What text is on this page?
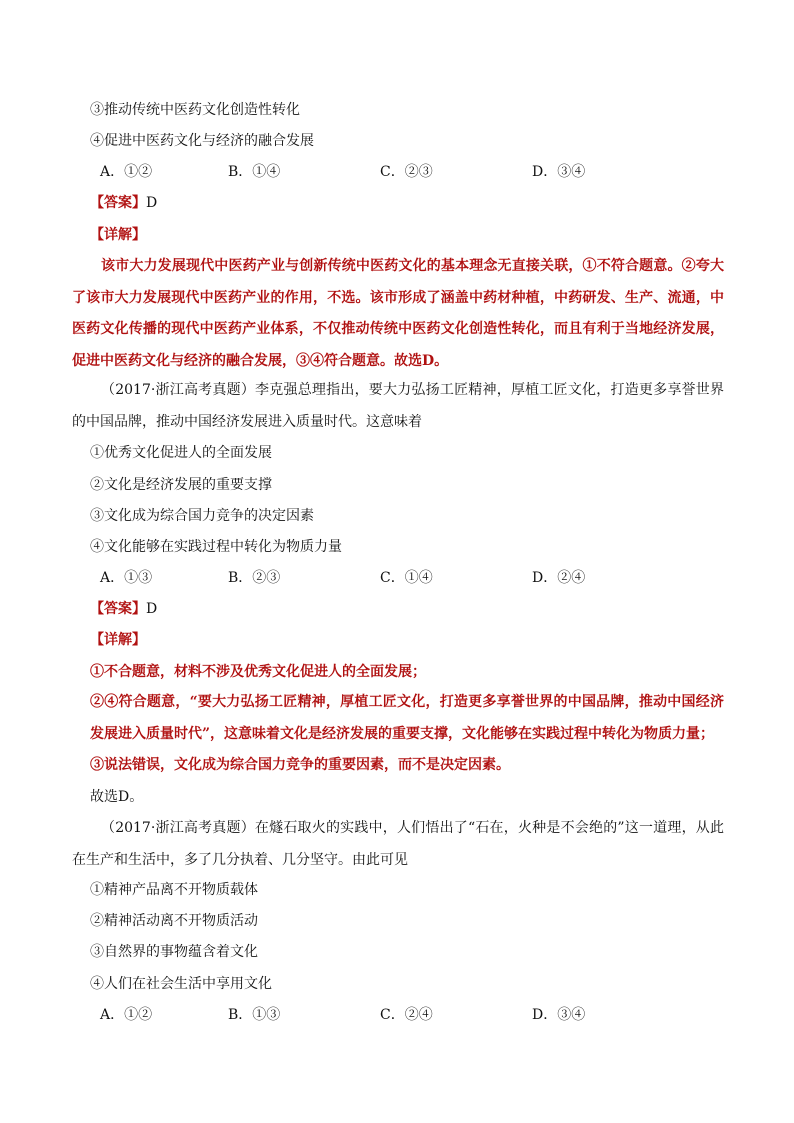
③推动传统中医药文化创造性转化
④促进中医药文化与经济的融合发展
A．①②	B．①④	C．②③	D．③④
【答案】D
【详解】
该市大力发展现代中医药产业与创新传统中医药文化的基本理念无直接关联，①不符合题意。②夸大了该市大力发展现代中医药产业的作用，不选。该市形成了涵盖中药材种植，中药研发、生产、流通，中医药文化传播的现代中医药产业体系，不仅推动传统中医药文化创造性转化，而且有利于当地经济发展，促进中医药文化与经济的融合发展，③④符合题意。故选D。
（2017·浙江高考真题）李克强总理指出，要大力弘扬工匠精神，厚植工匠文化，打造更多享誉世界的中国品牌，推动中国经济发展进入质量时代。这意味着
①优秀文化促进人的全面发展
②文化是经济发展的重要支撑
③文化成为综合国力竞争的决定因素
④文化能够在实践过程中转化为物质力量
A．①③	B．②③	C．①④	D．②④
【答案】D
【详解】
①不合题意，材料不涉及优秀文化促进人的全面发展；
②④符合题意，“要大力弘扬工匠精神，厚植工匠文化，打造更多享誉世界的中国品牌，推动中国经济发展进入质量时代”，这意味着文化是经济发展的重要支撑，文化能够在实践过程中转化为物质力量；
③说法错误，文化成为综合国力竞争的重要因素，而不是决定因素。
故选D。
（2017·浙江高考真题）在燧石取火的实践中，人们悟出了“石在，火种是不会绝的”这一道理，从此在生产和生活中，多了几分执着、几分坚守。由此可见
①精神产品离不开物质载体
②精神活动离不开物质活动
③自然界的事物蕴含着文化
④人们在社会生活中享用文化
A．①②	B．①③	C．②④	D．③④
